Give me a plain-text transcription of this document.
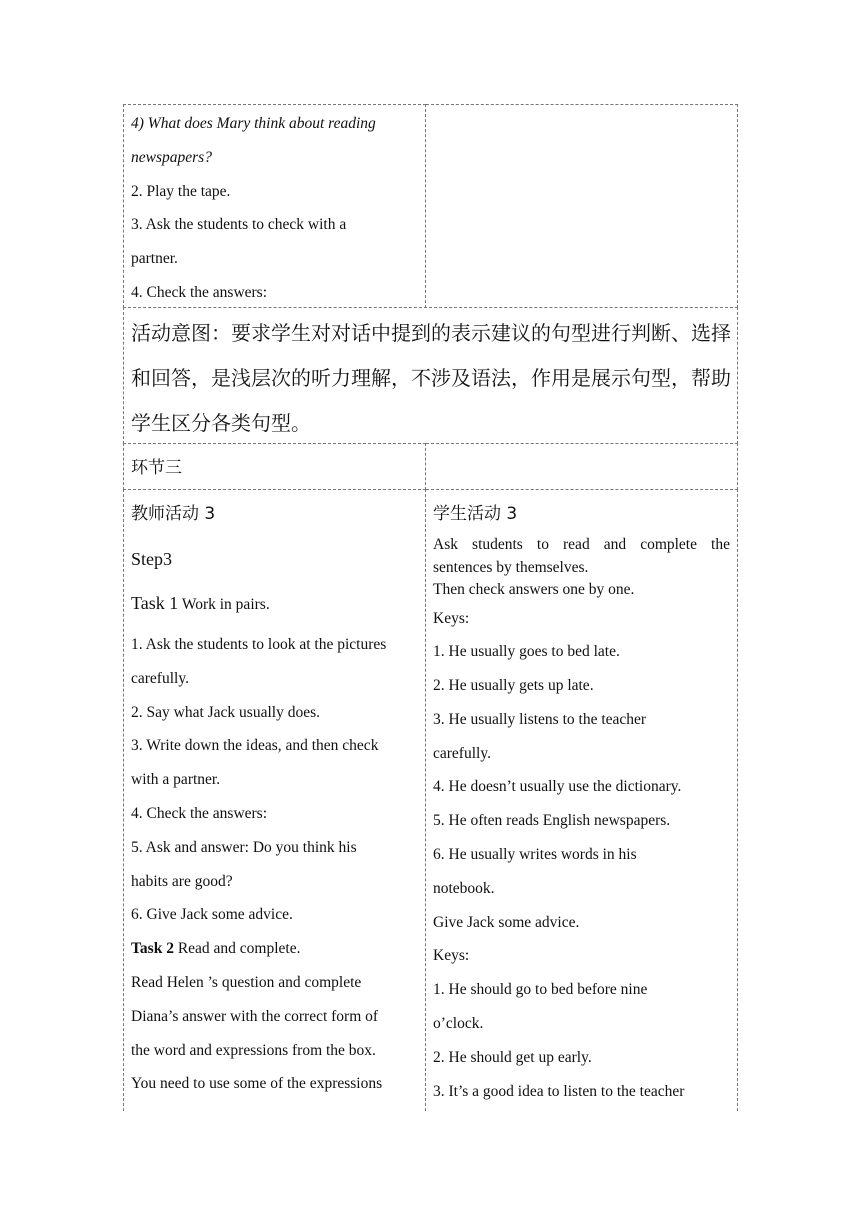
4) What does Mary think about reading
newspapers?
2. Play the tape.
3. Ask the students to check with a
partner.
4. Check the answers:
活动意图：要求学生对对话中提到的表示建议的句型进行判断、选择
和回答，是浅层次的听力理解，不涉及语法，作用是展示句型，帮助
学生区分各类句型。
环节三
教师活动 3
Step3
Task 1 Work in pairs.
1. Ask the students to look at the pictures
carefully.
2. Say what Jack usually does.
3. Write down the ideas, and then check
with a partner.
4. Check the answers:
5. Ask and answer: Do you think his
habits are good?
6. Give Jack some advice.
Task 2 Read and complete.
Read Helen ’s question and complete
Diana’s answer with the correct form of
the word and expressions from the box.
You need to use some of the expressions
学生活动 3
Ask students to read and complete the
sentences by themselves.
Then check answers one by one.
Keys:
1. He usually goes to bed late.
2. He usually gets up late.
3. He usually listens to the teacher
carefully.
4. He doesn’t usually use the dictionary.
5. He often reads English newspapers.
6. He usually writes words in his
notebook.
Give Jack some advice.
Keys:
1. He should go to bed before nine
o’clock.
2. He should get up early.
3. It’s a good idea to listen to the teacher
